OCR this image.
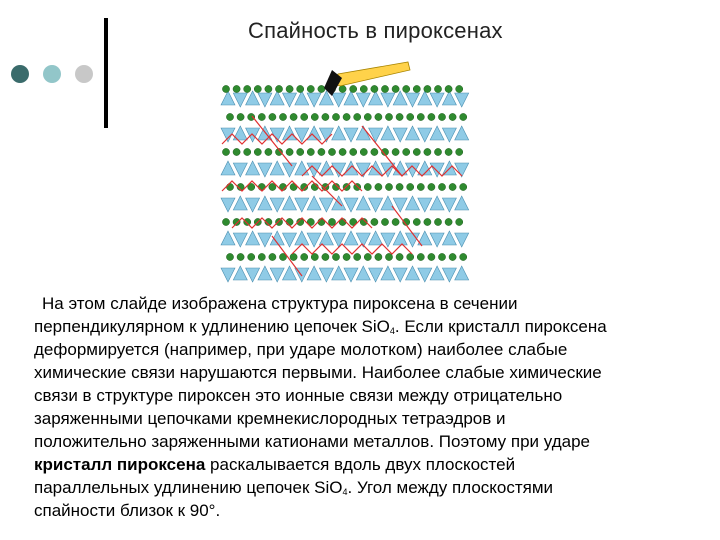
Спайность в пироксенах
На этом слайде изображена структура пироксена в сечении
перпендикулярном к удлинению цепочек SiO$_4$. Если кристалл пироксена
деформируется (например, при ударе молотком) наиболее слабые
химические связи нарушаются первыми. Наиболее слабые химические
связи в структуре пироксен это ионные связи между отрицательно
заряженными цепочками кремнекислородных тетраэдров и
положительно заряженными катионами металлов. Поэтому при ударе
кристалл пироксена раскалывается вдоль двух плоскостей
параллельных удлинению цепочек SiO$_4$. Угол между плоскостями
спайности близок к 90°.
